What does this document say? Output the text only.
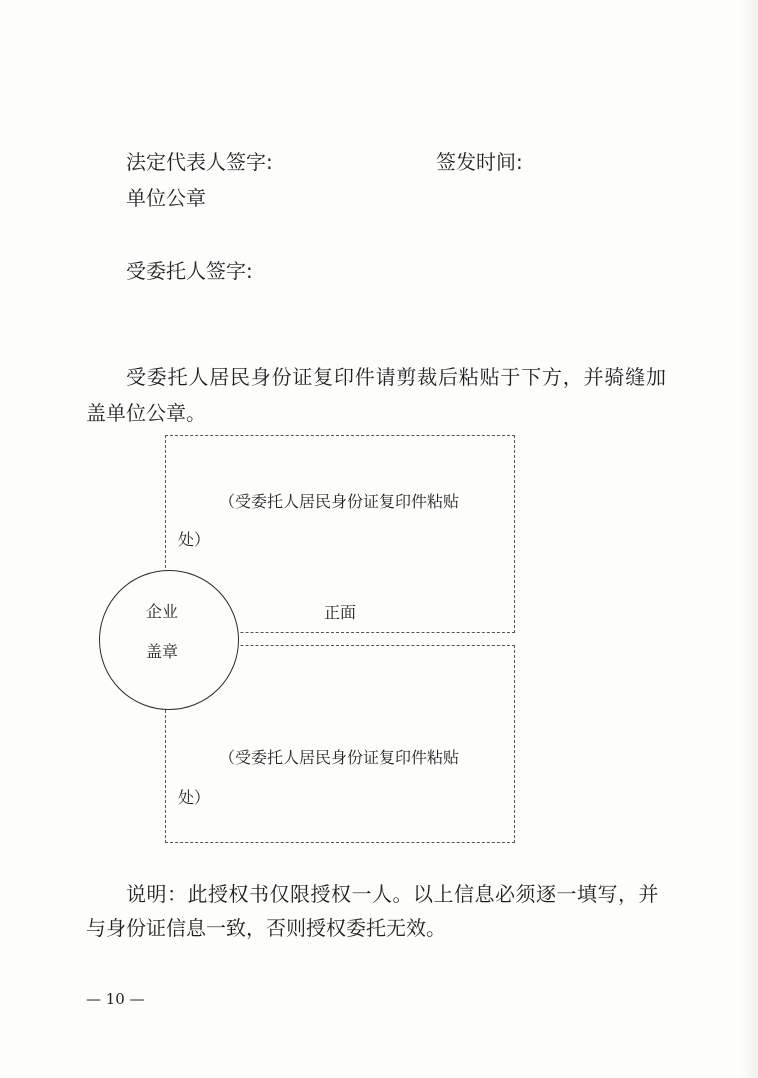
法定代表人签字:	签发时间:
单位公章
受委托人签字:
受委托人居民身份证复印件请剪裁后粘贴于下方，并骑缝加
盖单位公章。
（受委托人居民身份证复印件粘贴
处）
正面
（受委托人居民身份证复印件粘贴
处）
企业
盖章
说明：此授权书仅限授权一人。以上信息必须逐一填写，并
与身份证信息一致，否则授权委托无效。
— 10 —
